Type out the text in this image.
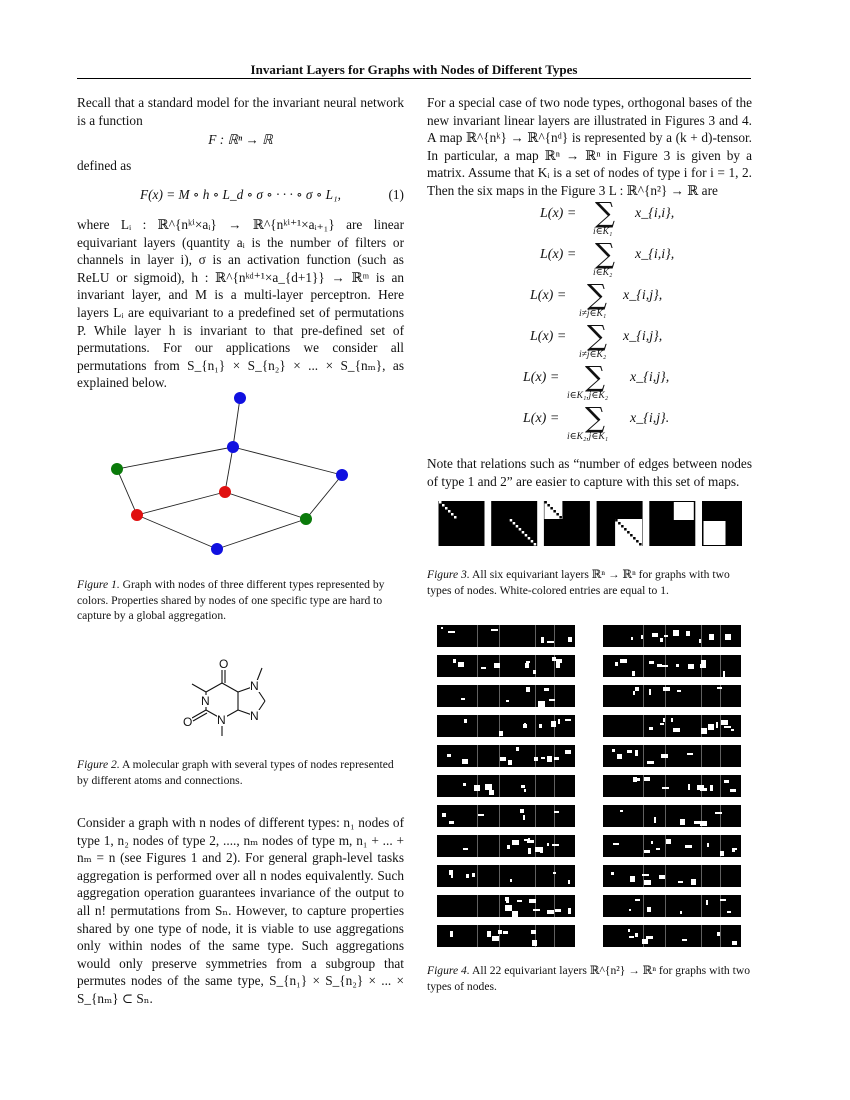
Invariant Layers for Graphs with Nodes of Different Types

Recall that a standard model for the invariant neural network is a function

F : ℝⁿ → ℝ

defined as

F(x) = M ∘ h ∘ L_d ∘ σ ∘ · · · ∘ σ ∘ L₁,	(1)

where Lᵢ : ℝ^{nᵏⁱ×aᵢ} → ℝ^{nᵏⁱ⁺¹×aᵢ₊₁} are linear equivariant layers (quantity aᵢ is the number of filters or channels in layer i), σ is an activation function (such as ReLU or sigmoid), h : ℝ^{nᵏᵈ⁺¹×a_{d+1}} → ℝᵐ is an invariant layer, and M is a multi-layer perceptron. Here layers Lᵢ are equivariant to a predefined set of permutations P. While layer h is invariant to that pre-defined set of permutations. For our applications we consider all permutations from S_{n₁} × S_{n₂} × ... × S_{nₘ}, as explained below.

Figure 1. Graph with nodes of three different types represented by colors. Properties shared by nodes of one specific type are hard to capture by a global aggregation.
O
N
N
O
N
N
Figure 2. A molecular graph with several types of nodes represented by different atoms and connections.

Consider a graph with n nodes of different types: n₁ nodes of type 1, n₂ nodes of type 2, ...., nₘ nodes of type m, n₁ + ... + nₘ = n (see Figures 1 and 2). For general graph-level tasks aggregation is performed over all n nodes equivalently. Such aggregation operation guarantees invariance of the output to all n! permutations from Sₙ. However, to capture properties shared by one type of node, it is viable to use aggregations only within nodes of the same type. Such aggregations would only preserve symmetries from a subgroup that permutes nodes of the same type, S_{n₁} × S_{n₂} × ... × S_{nₘ} ⊂ Sₙ.

For a special case of two node types, orthogonal bases of the new invariant linear layers are illustrated in Figures 3 and 4. A map ℝ^{nᵏ} → ℝ^{nᵈ} is represented by a (k + d)-tensor. In particular, a map ℝⁿ → ℝⁿ in Figure 3 is given by a matrix. Assume that Kᵢ is a set of nodes of type i for i = 1, 2. Then the six maps in the Figure 3 L : ℝ^{n²} → ℝ are

L(x) = ∑
i∈K₁
x_{i,i},
L(x) = ∑
i∈K₂
x_{i,i},
L(x) = ∑
i≠j∈K₁
x_{i,j},
L(x) = ∑
i≠j∈K₂
x_{i,j},
L(x) = ∑
i∈K₁,j∈K₂
x_{i,j},
L(x) = ∑
i∈K₂,j∈K₁
x_{i,j}.

Note that relations such as “number of edges between nodes of type 1 and 2” are easier to capture with this set of maps.

Figure 3. All six equivariant layers ℝⁿ → ℝⁿ for graphs with two types of nodes. White-colored entries are equal to 1.
Figure 4. All 22 equivariant layers ℝ^{n²} → ℝⁿ for graphs with two types of nodes.
